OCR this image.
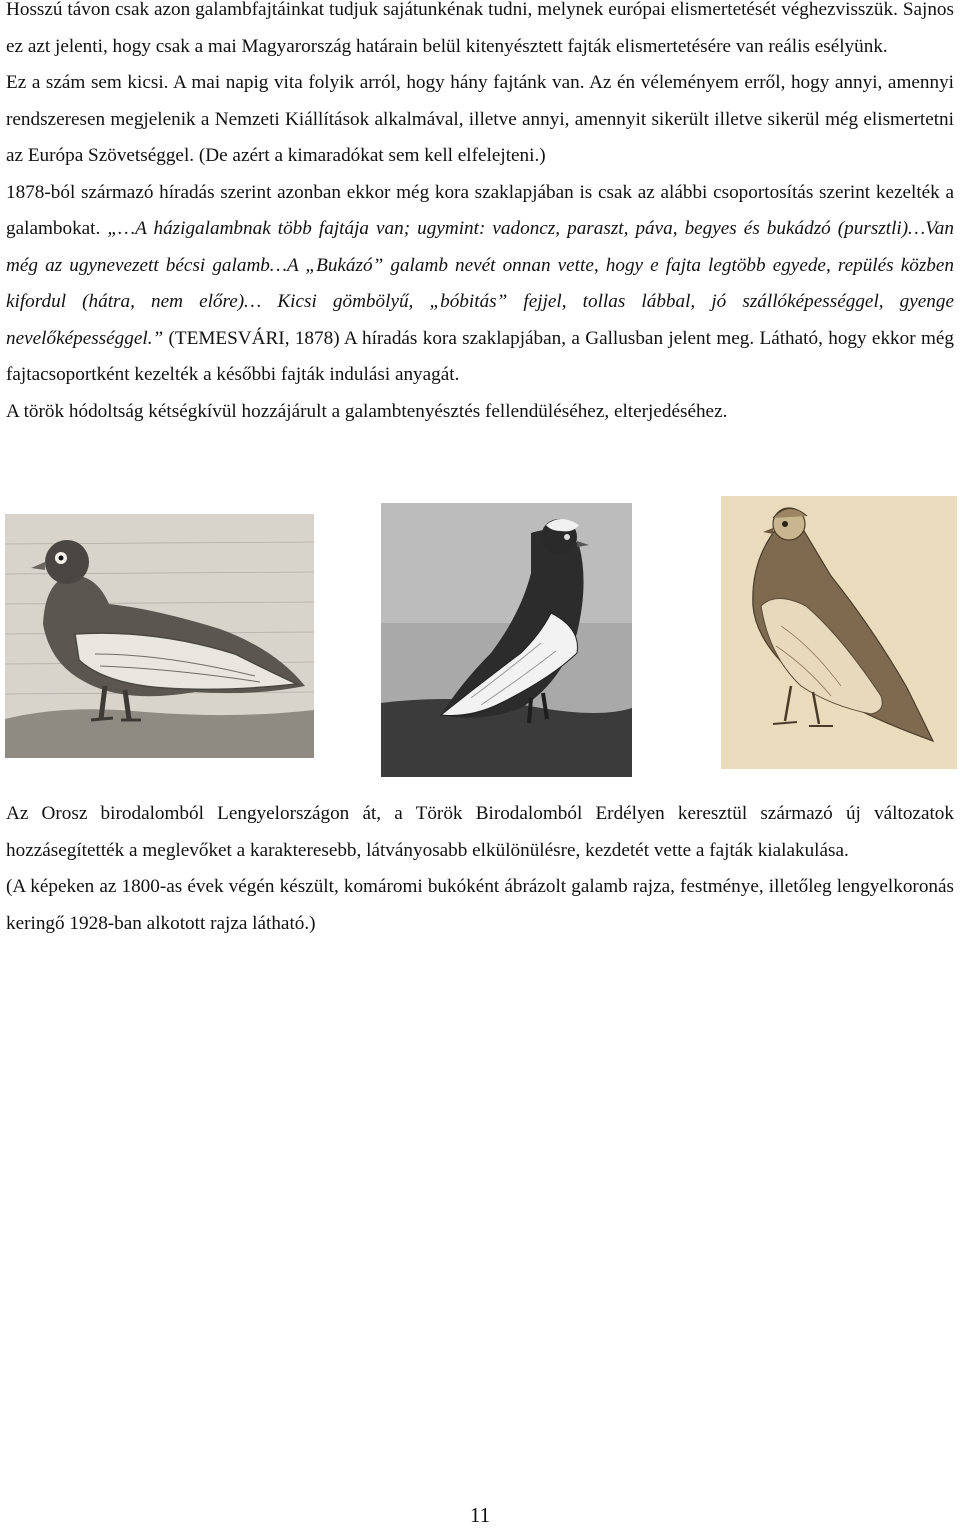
Hosszú távon csak azon galambfajtáinkat tudjuk sajátunkénak tudni, melynek európai elismertetését véghezvisszük. Sajnos ez azt jelenti, hogy csak a mai Magyarország határain belül kitenyésztett fajták elismertetésére van reális esélyünk.

Ez a szám sem kicsi. A mai napig vita folyik arról, hogy hány fajtánk van. Az én véleményem erről, hogy annyi, amennyi rendszeresen megjelenik a Nemzeti Kiállítások alkalmával, illetve annyi, amennyit sikerült illetve sikerül még elismertetni az Európa Szövetséggel. (De azért a kimaradókat sem kell elfelejteni.)

1878-ból származó híradás szerint azonban ekkor még kora szaklapjában is csak az alábbi csoportosítás szerint kezelték a galambokat. „…A házigalambnak több fajtája van; ugymint: vadoncz, paraszt, páva, begyes és bukádzó (pursztli)…Van még az ugynevezett bécsi galamb…A „Bukázó” galamb nevét onnan vette, hogy e fajta legtöbb egyede, repülés közben kifordul (hátra, nem előre)… Kicsi gömbölyű, „bóbitás” fejjel, tollas lábbal, jó szállóképességgel, gyenge nevelőképességgel.” (TEMESVÁRI, 1878) A híradás kora szaklapjában, a Gallusban jelent meg. Látható, hogy ekkor még fajtacsoportként kezelték a későbbi fajták indulási anyagát.

A török hódoltság kétségkívül hozzájárult a galambtenyésztés fellendüléséhez, elterjedéséhez.

Az Orosz birodalomból Lengyelországon át, a Török Birodalomból Erdélyen keresztül származó új változatok hozzásegítették a meglevőket a karakteresebb, látványosabb elkülönülésre, kezdetét vette a fajták kialakulása.

(A képeken az 1800-as évek végén készült, komáromi bukóként ábrázolt galamb rajza, festménye, illetőleg lengyelkoronás keringő 1928-ban alkotott rajza látható.)

11
